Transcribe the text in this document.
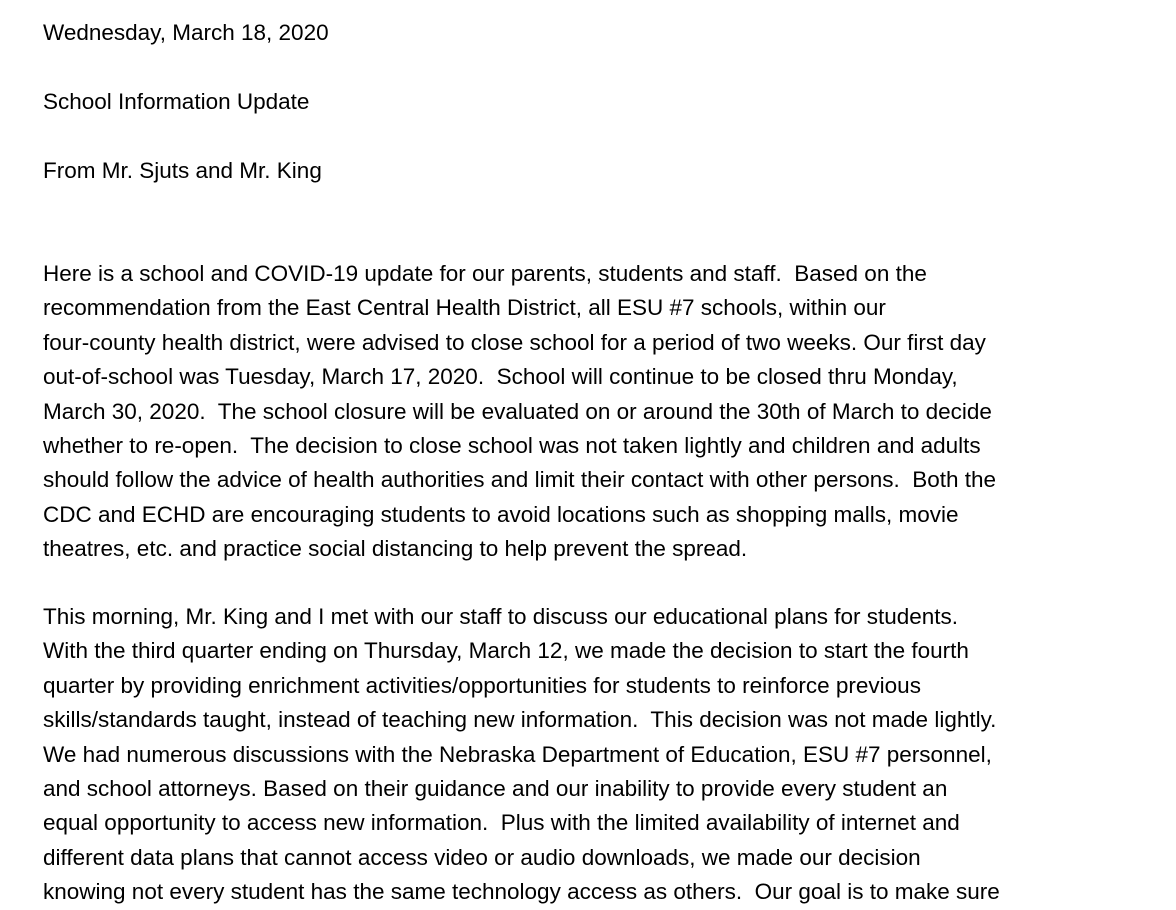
Wednesday, March 18, 2020
School Information Update
From Mr. Sjuts and Mr. King
Here is a school and COVID-19 update for our parents, students and staff.  Based on the
recommendation from the East Central Health District, all ESU #7 schools, within our
four-county health district, were advised to close school for a period of two weeks. Our first day
out-of-school was Tuesday, March 17, 2020.  School will continue to be closed thru Monday,
March 30, 2020.  The school closure will be evaluated on or around the 30th of March to decide
whether to re-open.  The decision to close school was not taken lightly and children and adults
should follow the advice of health authorities and limit their contact with other persons.  Both the
CDC and ECHD are encouraging students to avoid locations such as shopping malls, movie
theatres, etc. and practice social distancing to help prevent the spread.
This morning, Mr. King and I met with our staff to discuss our educational plans for students.
With the third quarter ending on Thursday, March 12, we made the decision to start the fourth
quarter by providing enrichment activities/opportunities for students to reinforce previous
skills/standards taught, instead of teaching new information.  This decision was not made lightly.
We had numerous discussions with the Nebraska Department of Education, ESU #7 personnel,
and school attorneys. Based on their guidance and our inability to provide every student an
equal opportunity to access new information.  Plus with the limited availability of internet and
different data plans that cannot access video or audio downloads, we made our decision
knowing not every student has the same technology access as others.  Our goal is to make sure
